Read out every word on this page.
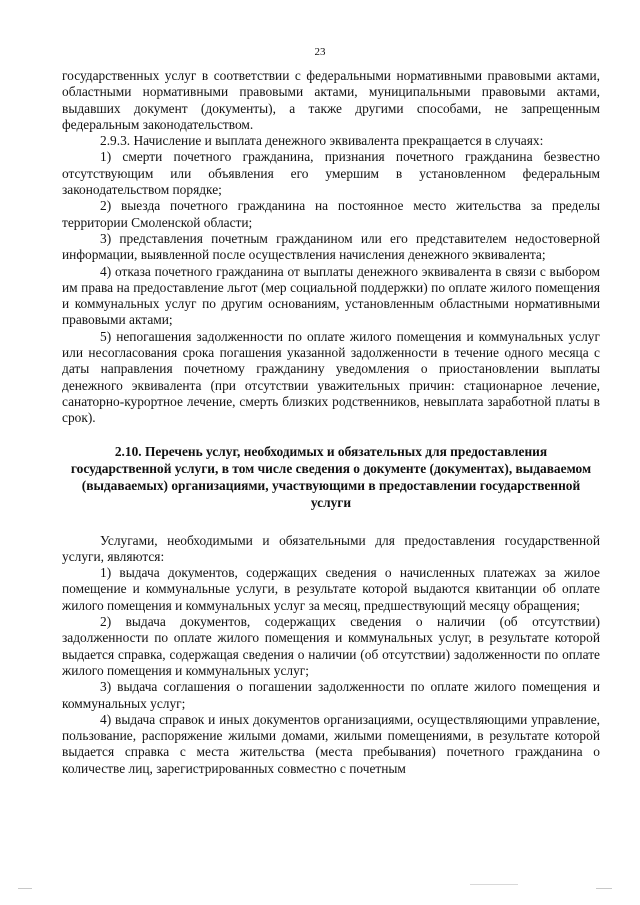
23

государственных услуг в соответствии с федеральными нормативными правовыми актами, областными нормативными правовыми актами, муниципальными правовыми актами, выдавших документ (документы), а также другими способами, не запрещенным федеральным законодательством.

2.9.3. Начисление и выплата денежного эквивалента прекращается в случаях:

1) смерти почетного гражданина, признания почетного гражданина безвестно отсутствующим или объявления его умершим в установленном федеральным законодательством порядке;

2) выезда почетного гражданина на постоянное место жительства за пределы территории Смоленской области;

3) представления почетным гражданином или его представителем недостоверной информации, выявленной после осуществления начисления денежного эквивалента;

4) отказа почетного гражданина от выплаты денежного эквивалента в связи с выбором им права на предоставление льгот (мер социальной поддержки) по оплате жилого помещения и коммунальных услуг по другим основаниям, установленным областными нормативными правовыми актами;

5) непогашения задолженности по оплате жилого помещения и коммунальных услуг или несогласования срока погашения указанной задолженности в течение одного месяца с даты направления почетному гражданину уведомления о приостановлении выплаты денежного эквивалента (при отсутствии уважительных причин: стационарное лечение, санаторно-курортное лечение, смерть близких родственников, невыплата заработной платы в срок).

2.10. Перечень услуг, необходимых и обязательных для предоставления государственной услуги, в том числе сведения о документе (документах), выдаваемом (выдаваемых) организациями, участвующими в предоставлении государственной услуги

Услугами, необходимыми и обязательными для предоставления государственной услуги, являются:

1) выдача документов, содержащих сведения о начисленных платежах за жилое помещение и коммунальные услуги, в результате которой выдаются квитанции об оплате жилого помещения и коммунальных услуг за месяц, предшествующий месяцу обращения;

2) выдача документов, содержащих сведения о наличии (об отсутствии) задолженности по оплате жилого помещения и коммунальных услуг, в результате которой выдается справка, содержащая сведения о наличии (об отсутствии) задолженности по оплате жилого помещения и коммунальных услуг;

3) выдача соглашения о погашении задолженности по оплате жилого помещения и коммунальных услуг;

4) выдача справок и иных документов организациями, осуществляющими управление, пользование, распоряжение жилыми домами, жилыми помещениями, в результате которой выдается справка с места жительства (места пребывания) почетного гражданина о количестве лиц, зарегистрированных совместно с почетным
